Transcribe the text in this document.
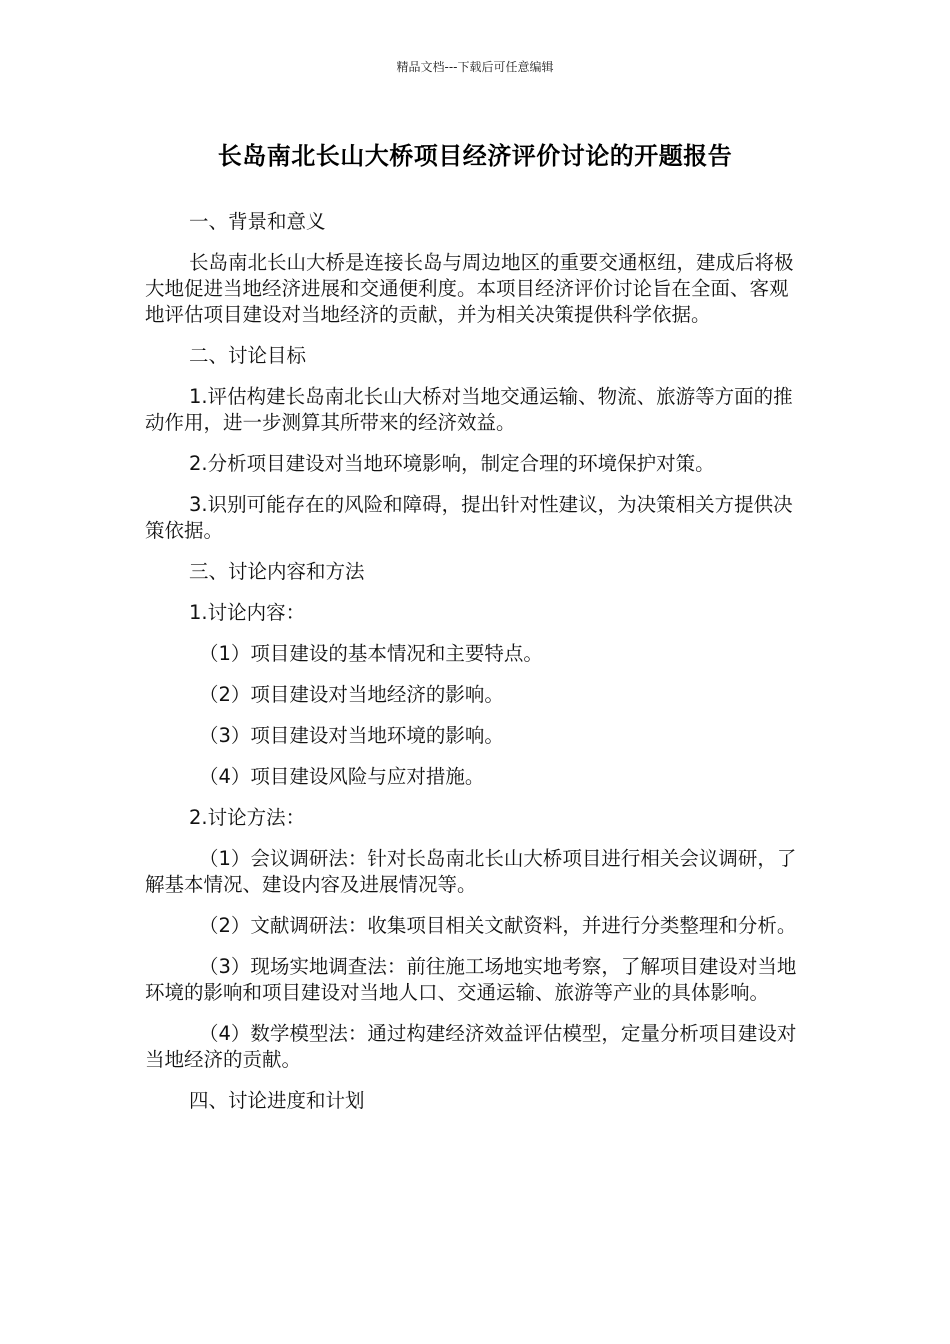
精品文档---下载后可任意编辑
长岛南北长山大桥项目经济评价讨论的开题报告

一、背景和意义

长岛南北长山大桥是连接长岛与周边地区的重要交通枢纽，建成后将极大地促进当地经济进展和交通便利度。本项目经济评价讨论旨在全面、客观地评估项目建设对当地经济的贡献，并为相关决策提供科学依据。

二、讨论目标

1.评估构建长岛南北长山大桥对当地交通运输、物流、旅游等方面的推动作用，进一步测算其所带来的经济效益。

2.分析项目建设对当地环境影响，制定合理的环境保护对策。

3.识别可能存在的风险和障碍，提出针对性建议，为决策相关方提供决策依据。

三、讨论内容和方法

1.讨论内容：

（1）项目建设的基本情况和主要特点。

（2）项目建设对当地经济的影响。

（3）项目建设对当地环境的影响。

（4）项目建设风险与应对措施。

2.讨论方法：

（1）会议调研法：针对长岛南北长山大桥项目进行相关会议调研，了解基本情况、建设内容及进展情况等。

（2）文献调研法：收集项目相关文献资料，并进行分类整理和分析。

（3）现场实地调查法：前往施工场地实地考察，了解项目建设对当地环境的影响和项目建设对当地人口、交通运输、旅游等产业的具体影响。

（4）数学模型法：通过构建经济效益评估模型，定量分析项目建设对当地经济的贡献。

四、讨论进度和计划
